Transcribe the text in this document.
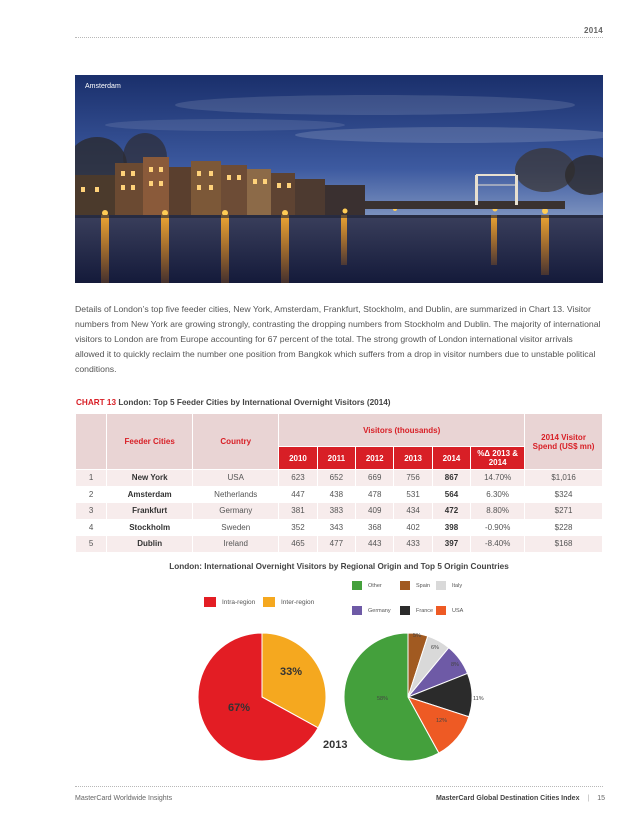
2014
Amsterdam
Details of London’s top five feeder cities, New York, Amsterdam, Frankfurt, Stockholm, and Dublin, are summarized in Chart 13. Visitor numbers from New York are growing strongly, contrasting the dropping numbers from Stockholm and Dublin. The majority of international visitors to London are from Europe accounting for 67 percent of the total. The strong growth of London international visitor arrivals allowed it to quickly reclaim the number one position from Bangkok which suffers from a drop in visitor numbers due to unstable political conditions.
CHART 13 London: Top 5 Feeder Cities by International Overnight Visitors (2014)
	Feeder Cities	Country	Visitors (thousands)						2014 Visitor Spend (US$ mn)
			2010	2011	2012	2013	2014	%Δ 2013 & 2014	
1	New York	USA	623	652	669	756	867	14.70%	$1,016
2	Amsterdam	Netherlands	447	438	478	531	564	6.30%	$324
3	Frankfurt	Germany	381	383	409	434	472	8.80%	$271
4	Stockholm	Sweden	352	343	368	402	398	-0.90%	$228
5	Dublin	Ireland	465	477	443	433	397	-8.40%	$168
London: International Overnight Visitors by Regional Origin and Top 5 Origin Countries
Intra-region	Inter-region
Other	Spain	Italy
Germany	France	USA
67%
33%
5%
6%
8%
11%
12%
58%
2013
MasterCard Worldwide Insights	MasterCard Global Destination Cities Index | 15
